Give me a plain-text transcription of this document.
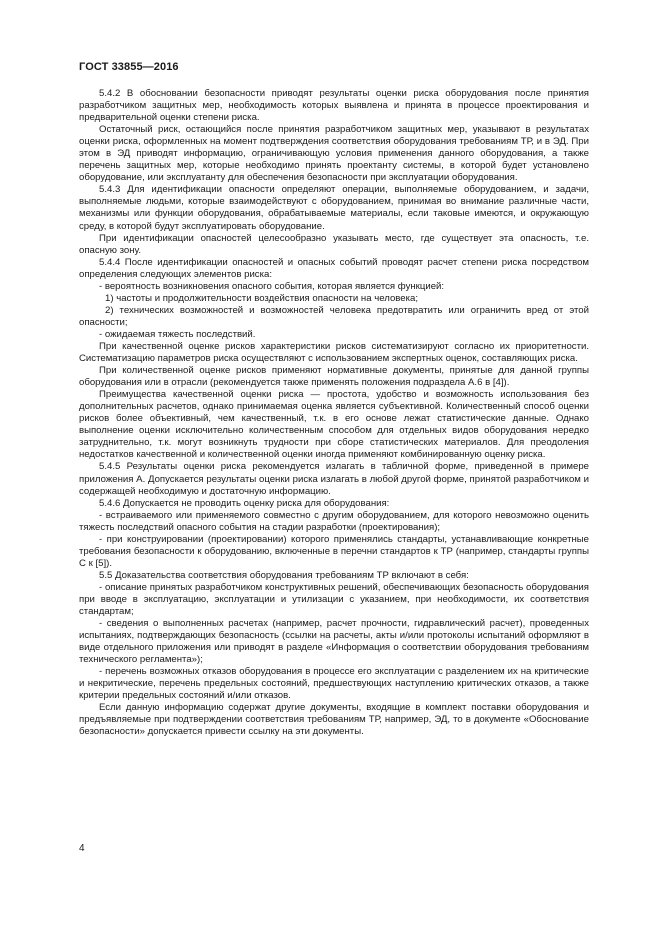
ГОСТ 33855—2016

5.4.2 В обосновании безопасности приводят результаты оценки риска оборудования после принятия разработчиком защитных мер, необходимость которых выявлена и принята в процессе проектирования и предварительной оценки степени риска.

Остаточный риск, остающийся после принятия разработчиком защитных мер, указывают в результатах оценки риска, оформленных на момент подтверждения соответствия оборудования требованиям ТР, и в ЭД. При этом в ЭД приводят информацию, ограничивающую условия применения данного оборудования, а также перечень защитных мер, которые необходимо принять проектанту системы, в которой будет установлено оборудование, или эксплуатанту для обеспечения безопасности при эксплуатации оборудования.

5.4.3 Для идентификации опасности определяют операции, выполняемые оборудованием, и задачи, выполняемые людьми, которые взаимодействуют с оборудованием, принимая во внимание различные части, механизмы или функции оборудования, обрабатываемые материалы, если таковые имеются, и окружающую среду, в которой будут эксплуатировать оборудование.

При идентификации опасностей целесообразно указывать место, где существует эта опасность, т.е. опасную зону.

5.4.4 После идентификации опасностей и опасных событий проводят расчет степени риска посредством определения следующих элементов риска:

- вероятность возникновения опасного события, которая является функцией:

1) частоты и продолжительности воздействия опасности на человека;

2) технических возможностей и возможностей человека предотвратить или ограничить вред от этой опасности;

- ожидаемая тяжесть последствий.

При качественной оценке рисков характеристики рисков систематизируют согласно их приоритетности. Систематизацию параметров риска осуществляют с использованием экспертных оценок, составляющих риска.

При количественной оценке рисков применяют нормативные документы, принятые для данной группы оборудования или в отрасли (рекомендуется также применять положения подраздела А.6 в [4]).

Преимущества качественной оценки риска — простота, удобство и возможность использования без дополнительных расчетов, однако принимаемая оценка является субъективной. Количественный способ оценки рисков более объективный, чем качественный, т.к. в его основе лежат статистические данные. Однако выполнение оценки исключительно количественным способом для отдельных видов оборудования нередко затруднительно, т.к. могут возникнуть трудности при сборе статистических материалов. Для преодоления недостатков качественной и количественной оценки иногда применяют комбинированную оценку риска.

5.4.5 Результаты оценки риска рекомендуется излагать в табличной форме, приведенной в примере приложения А. Допускается результаты оценки риска излагать в любой другой форме, принятой разработчиком и содержащей необходимую и достаточную информацию.

5.4.6 Допускается не проводить оценку риска для оборудования:

- встраиваемого или применяемого совместно с другим оборудованием, для которого невозможно оценить тяжесть последствий опасного события на стадии разработки (проектирования);

- при конструировании (проектировании) которого применялись стандарты, устанавливающие конкретные требования безопасности к оборудованию, включенные в перечни стандартов к ТР (например, стандарты группы С к [5]).

5.5 Доказательства соответствия оборудования требованиям ТР включают в себя:

- описание принятых разработчиком конструктивных решений, обеспечивающих безопасность оборудования при вводе в эксплуатацию, эксплуатации и утилизации с указанием, при необходимости, их соответствия стандартам;

- сведения о выполненных расчетах (например, расчет прочности, гидравлический расчет), проведенных испытаниях, подтверждающих безопасность (ссылки на расчеты, акты и/или протоколы испытаний оформляют в виде отдельного приложения или приводят в разделе «Информация о соответствии оборудования требованиям технического регламента»);

- перечень возможных отказов оборудования в процессе его эксплуатации с разделением их на критические и некритические, перечень предельных состояний, предшествующих наступлению критических отказов, а также критерии предельных состояний и/или отказов.

Если данную информацию содержат другие документы, входящие в комплект поставки оборудования и предъявляемые при подтверждении соответствия требованиям ТР, например, ЭД, то в документе «Обоснование безопасности» допускается привести ссылку на эти документы.

4
